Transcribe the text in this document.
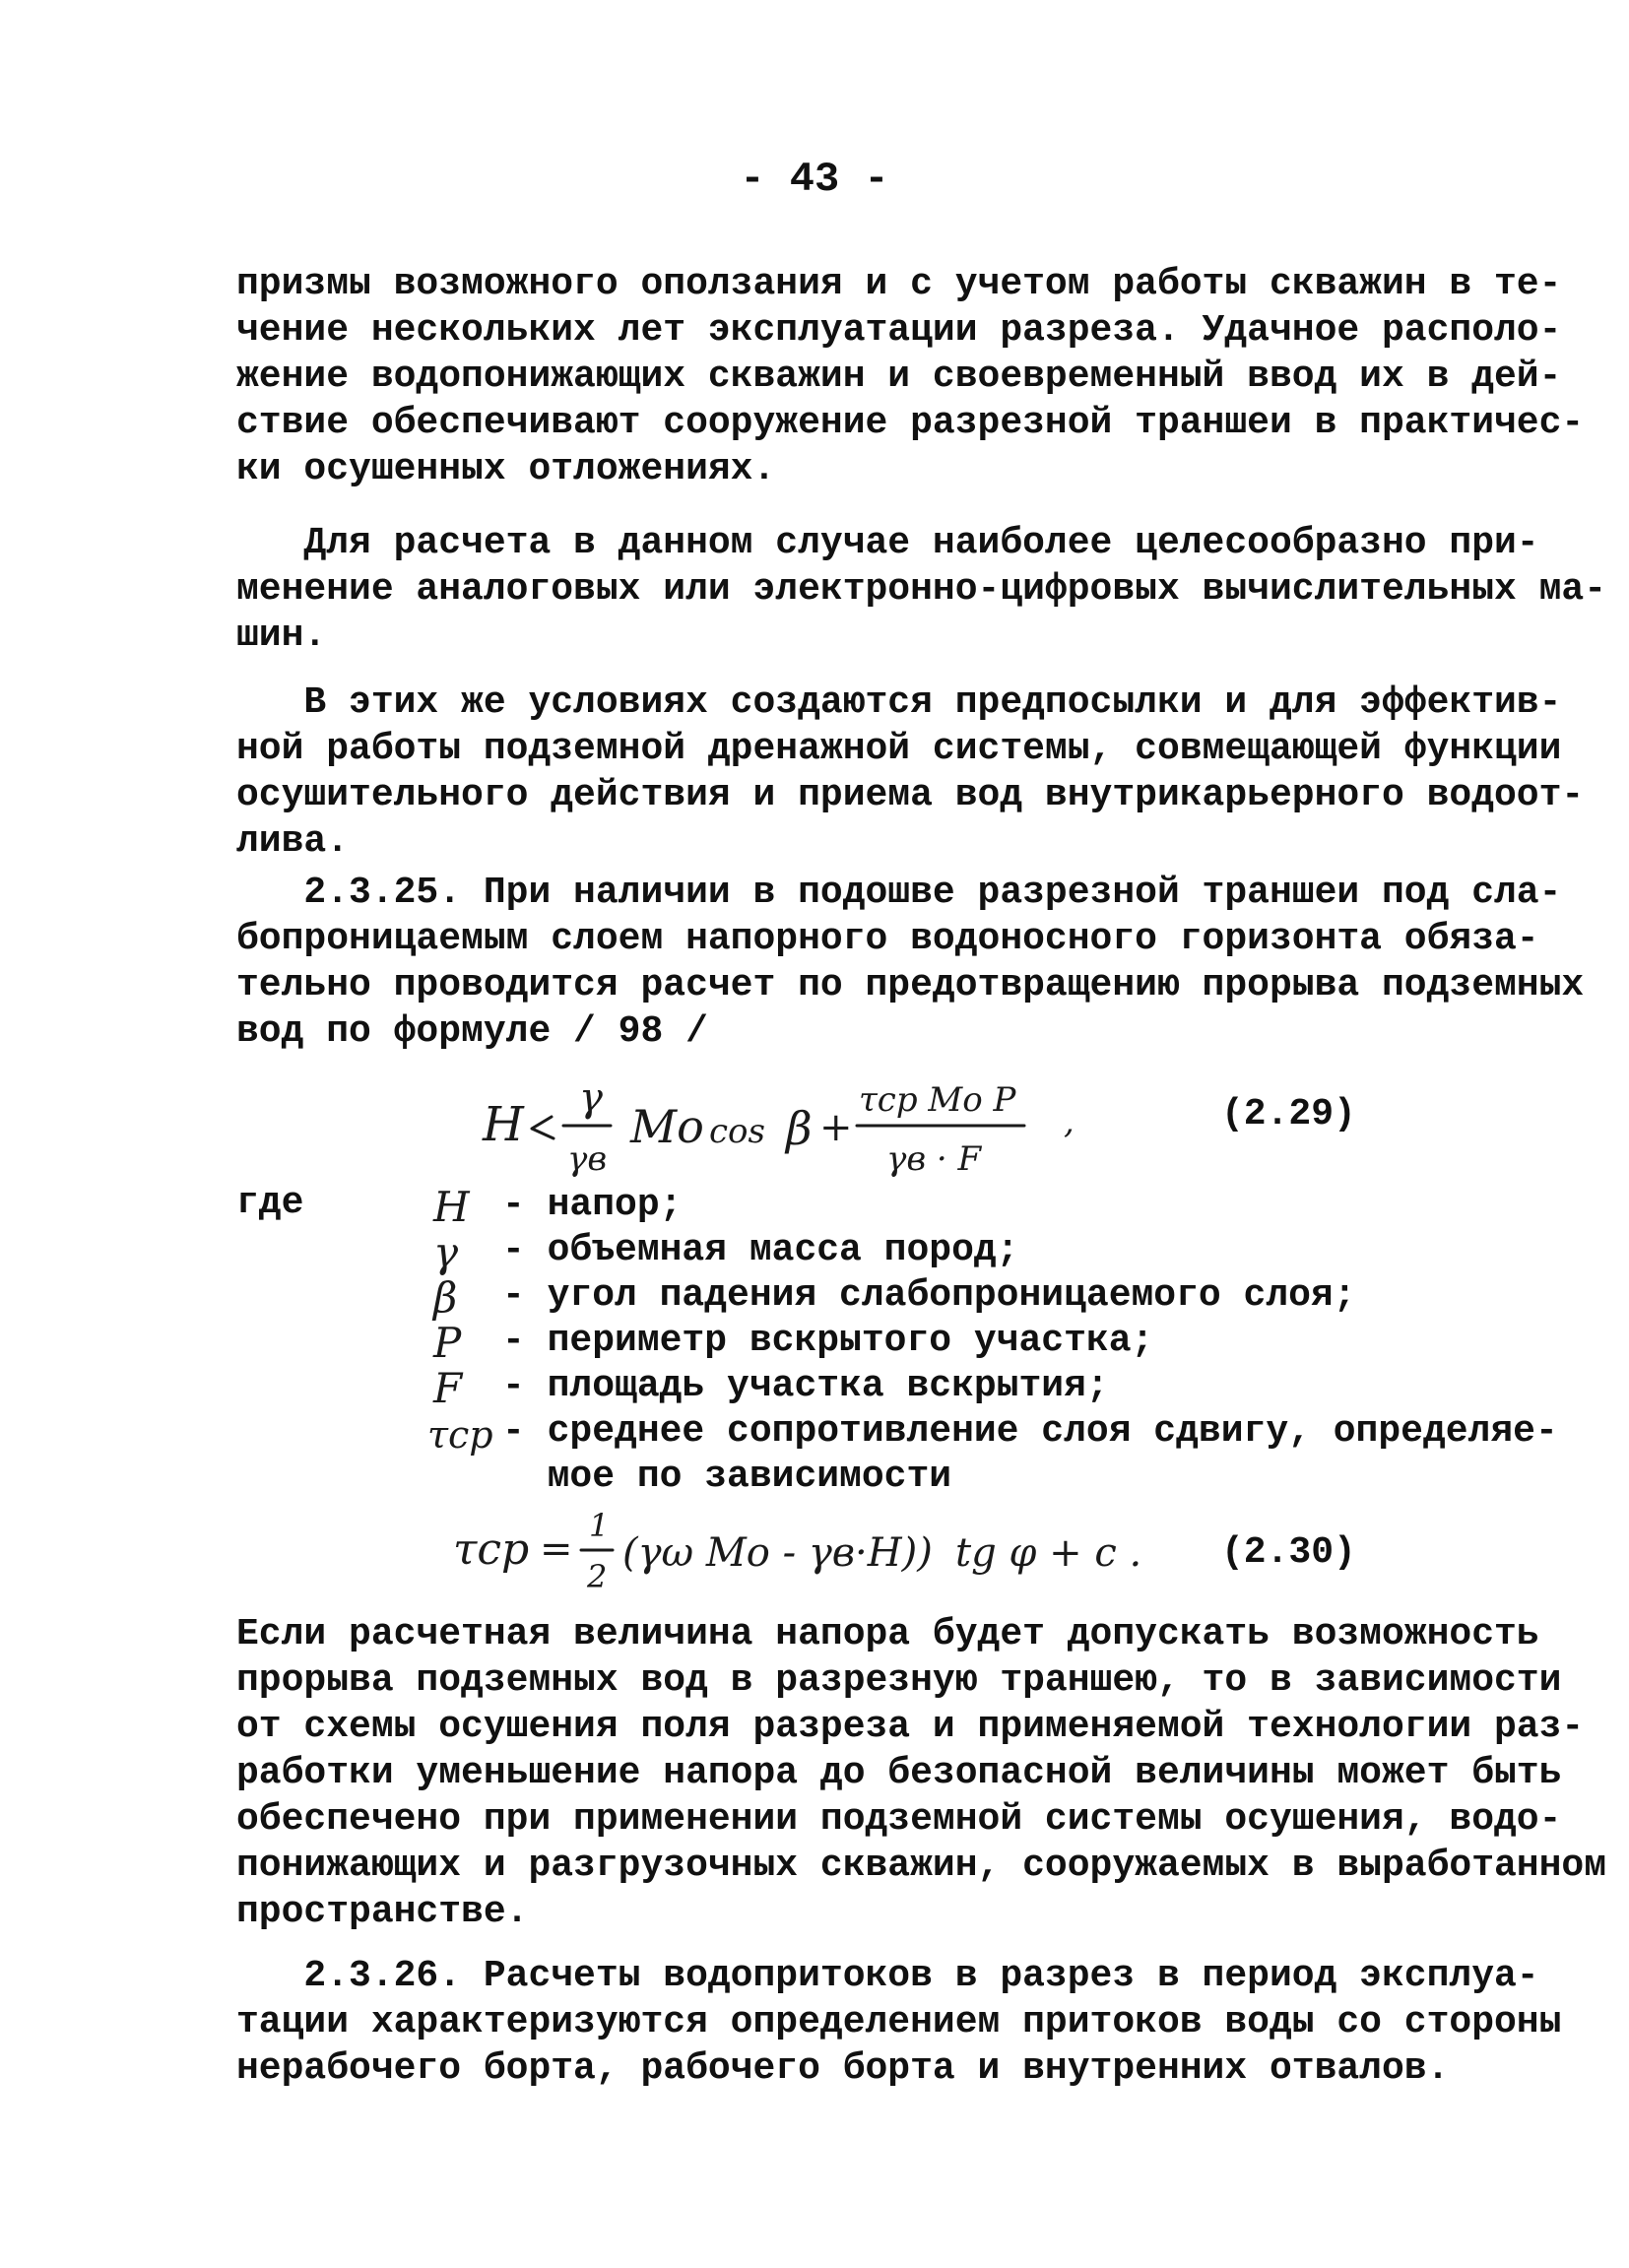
- 43 -
призмы возможного оползания и с учетом работы скважин в те-
чение нескольких лет эксплуатации разреза. Удачное располо-
жение водопонижающих скважин и своевременный ввод их в дей-
ствие обеспечивают сооружение разрезной траншеи в практичес-
ки осушенных отложениях.
Для расчета в данном случае наиболее целесообразно при-
менение аналоговых или электронно-цифровых вычислительных ма-
шин.
В этих же условиях создаются предпосылки и для эффектив-
ной работы подземной дренажной системы, совмещающей функции
осушительного действия и приема вод внутрикарьерного водоот-
лива.
2.3.25. При наличии в подошве разрезной траншеи под сла-
бопроницаемым слоем напорного водоносного горизонта обяза-
тельно проводится расчет по предотвращению прорыва подземных
вод по формуле / 98 /
H γ
γв
Mo cos β +
τср Mo P
γв · F
,	(2.29)
где	H - напор;
γ - объемная масса пород;
β - угол падения слабопроницаемого слоя;
P - периметр вскрытого участка;
F - площадь участка вскрытия;
τср - среднее сопротивление слоя сдвигу, определяе-
мое по зависимости
τср =
1
2
(γω Mo - γв·H)) tg φ + c . (2.30)
Если расчетная величина напора будет допускать возможность
прорыва подземных вод в разрезную траншею, то в зависимости
от схемы осушения поля разреза и применяемой технологии раз-
работки уменьшение напора до безопасной величины может быть
обеспечено при применении подземной системы осушения, водо-
понижающих и разгрузочных скважин, сооружаемых в выработанном
пространстве.
2.3.26. Расчеты водопритоков в разрез в период эксплуа-
тации характеризуются определением притоков воды со стороны
нерабочего борта, рабочего борта и внутренних отвалов.
